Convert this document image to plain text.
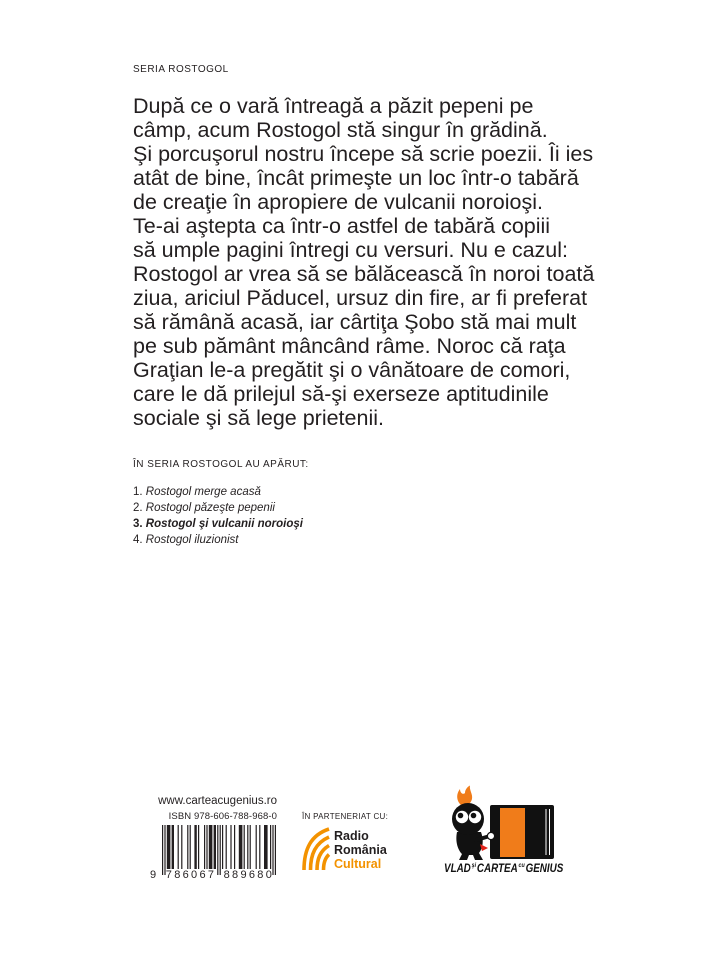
SERIA ROSTOGOL
După ce o vară întreagă a păzit pepeni pe
câmp, acum Rostogol stă singur în grădină.
Şi porcuşorul nostru începe să scrie poezii. Îi ies
atât de bine, încât primeşte un loc într-o tabără
de creaţie în apropiere de vulcanii noroioşi.
Te-ai aştepta ca într-o astfel de tabără copiii
să umple pagini întregi cu versuri. Nu e cazul:
Rostogol ar vrea să se bălăcească în noroi toată
ziua, ariciul Păducel, ursuz din fire, ar fi preferat
să rămână acasă, iar cârtiţa Şobo stă mai mult
pe sub pământ mâncând râme. Noroc că raţa
Graţian le-a pregătit şi o vânătoare de comori,
care le dă prilejul să-şi exerseze aptitudinile
sociale şi să lege prietenii.
ÎN SERIA ROSTOGOL AU APĂRUT:
1. Rostogol merge acasă
2. Rostogol păzeşte pepenii
3. Rostogol şi vulcanii noroioşi
4. Rostogol iluzionist
www.carteacugenius.ro
ISBN 978-606-788-968-0
9 786067 889680
ÎN PARTENERIAT CU:
Radio
România
Cultural	VLAD şi CARTEA cu GENIUS
